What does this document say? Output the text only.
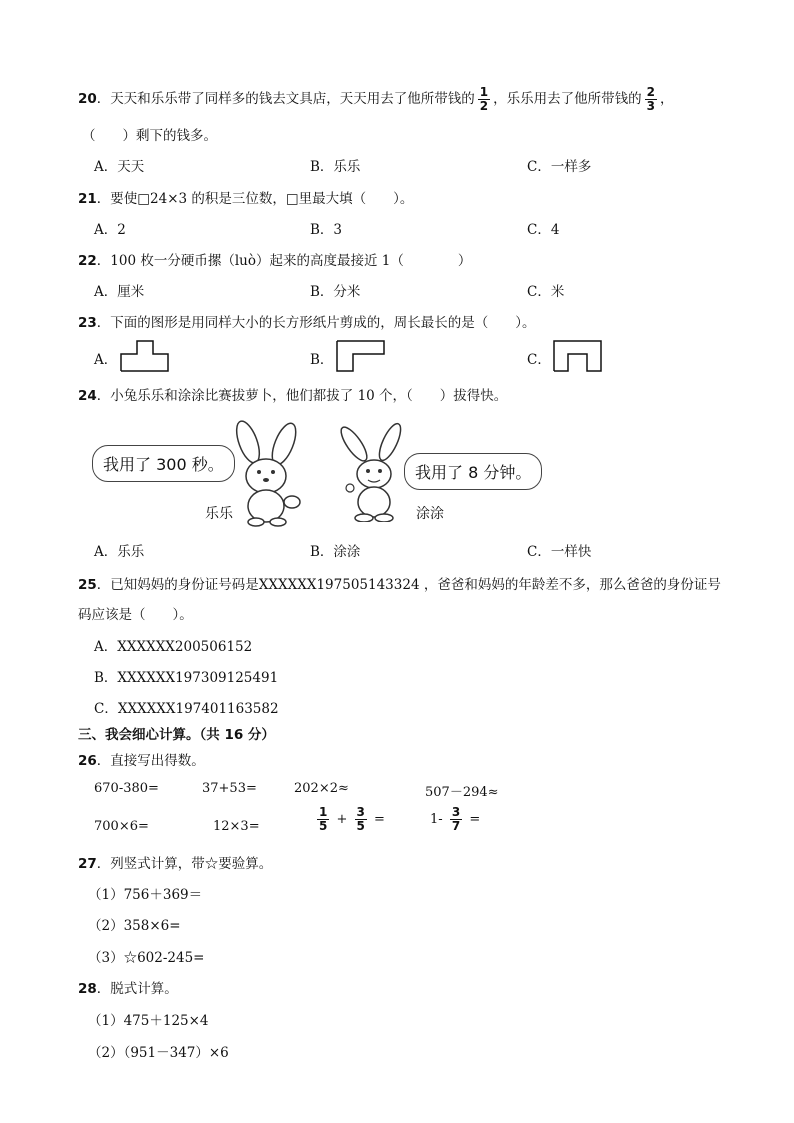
20．天天和乐乐带了同样多的钱去文具店，天天用去了他所带钱的 $\frac{1}{2}$ ，乐乐用去了他所带钱的 $\frac{2}{3}$ ，
（　　）剩下的钱多。
A．天天	B．乐乐	C．一样多
21．要使□24×3 的积是三位数，□里最大填（　　）。
A．2	B．3	C．4
22．100 枚一分硬币摞（luò）起来的高度最接近 1（　　　　）
A．厘米	B．分米	C．米
23．下面的图形是用同样大小的长方形纸片剪成的，周长最长的是（　　）。
A．	B．	C．
24．小兔乐乐和涂涂比赛拔萝卜，他们都拔了 10 个，（　　）拔得快。
我用了 300 秒。
乐乐
我用了 8 分钟。
涂涂
A．乐乐	B．涂涂	C．一样快
25．已知妈妈的身份证号码是XXXXXX197505143324 ，爸爸和妈妈的年龄差不多，那么爸爸的身份证号
码应该是（　　）。
A．XXXXXX200506152
B．XXXXXX197309125491
C．XXXXXX197401163582
三、我会细心计算。（共 16 分）
26．直接写出得数。
670-380=	37+53=	202×2≈	507－294≈
700×6=	12×3=	$\frac{1}{5} + \frac{3}{5}$ =	$1- \frac{3}{7}$ =
27．列竖式计算，带☆要验算。
（1）756＋369＝
（2）358×6=
（3）☆602-245=
28．脱式计算。
（1）475＋125×4
（2）（951－347）×6
